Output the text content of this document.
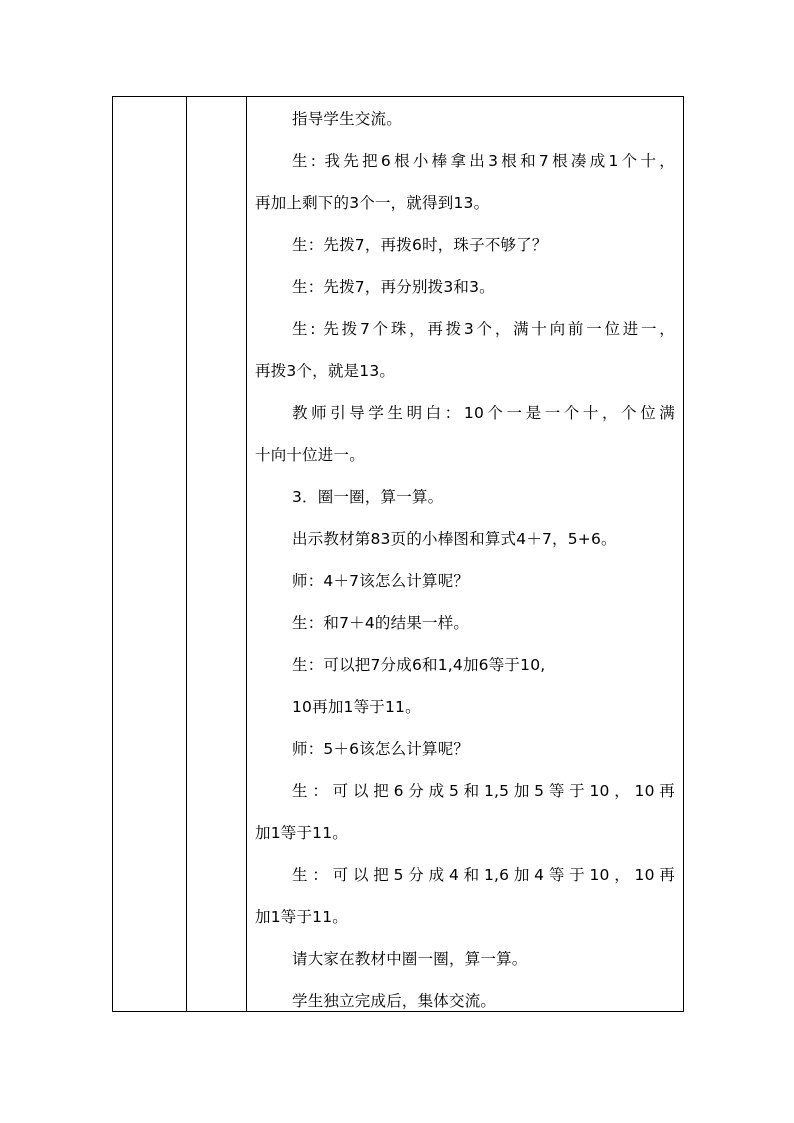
指导学生交流。
生: 我先把6根小棒拿出3根和7根凑成1个十，
再加上剩下的3个一，就得到13。
生：先拨7，再拨6时，珠子不够了？
生：先拨7，再分别拨3和3。
生: 先拨7个珠，再拨3个，满十向前一位进一，
再拨3个，就是13。
教师引导学生明白：10个一是一个十，个位满
十向十位进一。
3．圈一圈，算一算。
出示教材第83页的小棒图和算式4＋7，5+6。
师：4＋7该怎么计算呢？
生：和7＋4的结果一样。
生：可以把7分成6和1,4加6等于10,
10再加1等于11。
师：5＋6该怎么计算呢？
生：可以把6分成5和1,5加5等于10，10再
加1等于11。
生：可以把5分成4和1,6加4等于10，10再
加1等于11。
请大家在教材中圈一圈，算一算。
学生独立完成后，集体交流。
